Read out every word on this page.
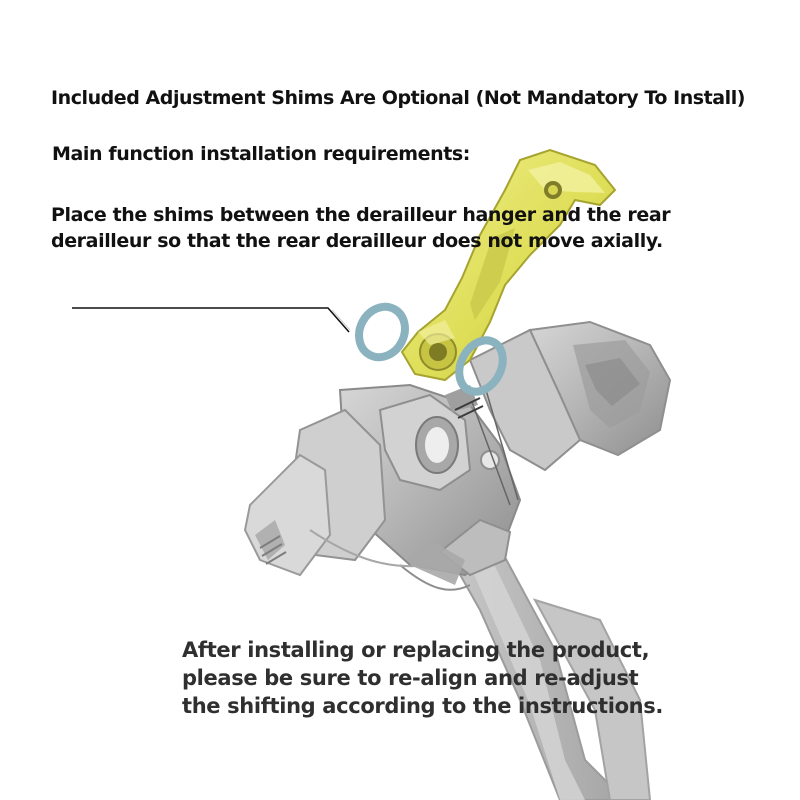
Included Adjustment Shims Are Optional (Not Mandatory To Install)
Main function installation requirements:
Place the shims between the derailleur hanger and the rear
derailleur so that the rear derailleur does not move axially.
After installing or replacing the product,
please be sure to re-align and re-adjust
the shifting according to the instructions.
